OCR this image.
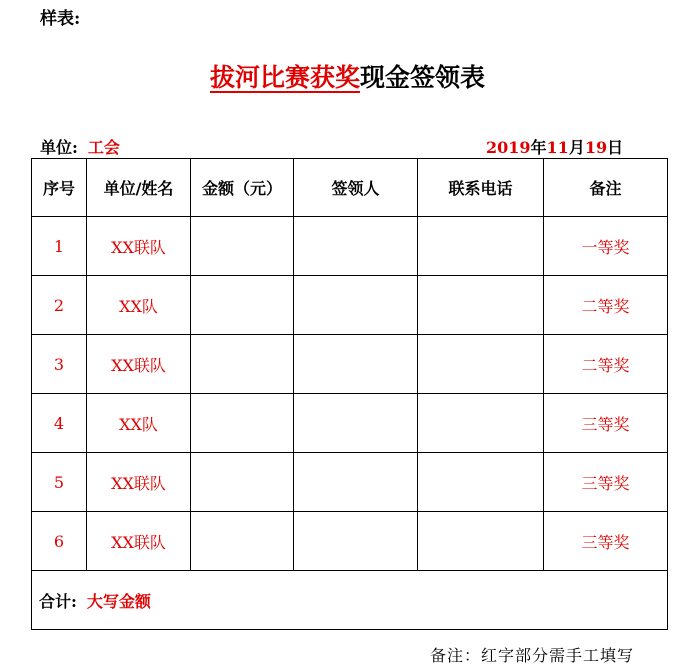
样表:
拔河比赛获奖现金签领表
单位: 工会	2019年11月19日
序号	单位/姓名	金额（元）	签领人	联系电话	备注
1	XX联队				一等奖
2	XX队				二等奖
3	XX联队				二等奖
4	XX队				三等奖
5	XX联队				三等奖
6	XX联队				三等奖
合计: 大写金额					
备注：红字部分需手工填写
